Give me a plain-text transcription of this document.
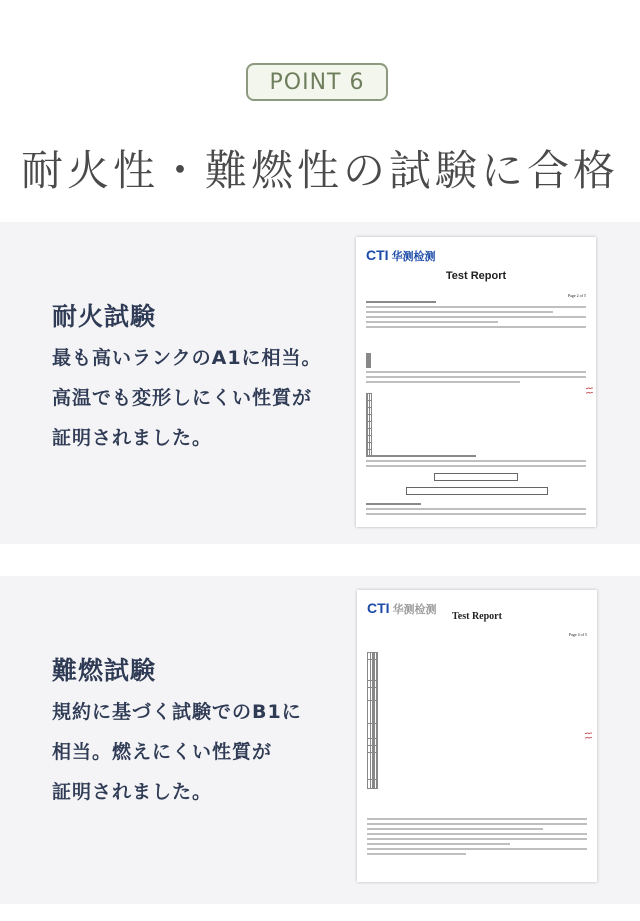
POINT 6
耐火性・難燃性の試験に合格
耐火試験
最も高いランクのA1に相当。
高温でも変形しにくい性質が
証明されました。
CTI 华测检测
Test Report
Page 2 of 5

⌇⌇
難燃試験
規約に基づく試験でのB1に
相当。燃えにくい性質が
証明されました。
CTI 华测检测
Test Report
Page 4 of 5

⌇⌇
